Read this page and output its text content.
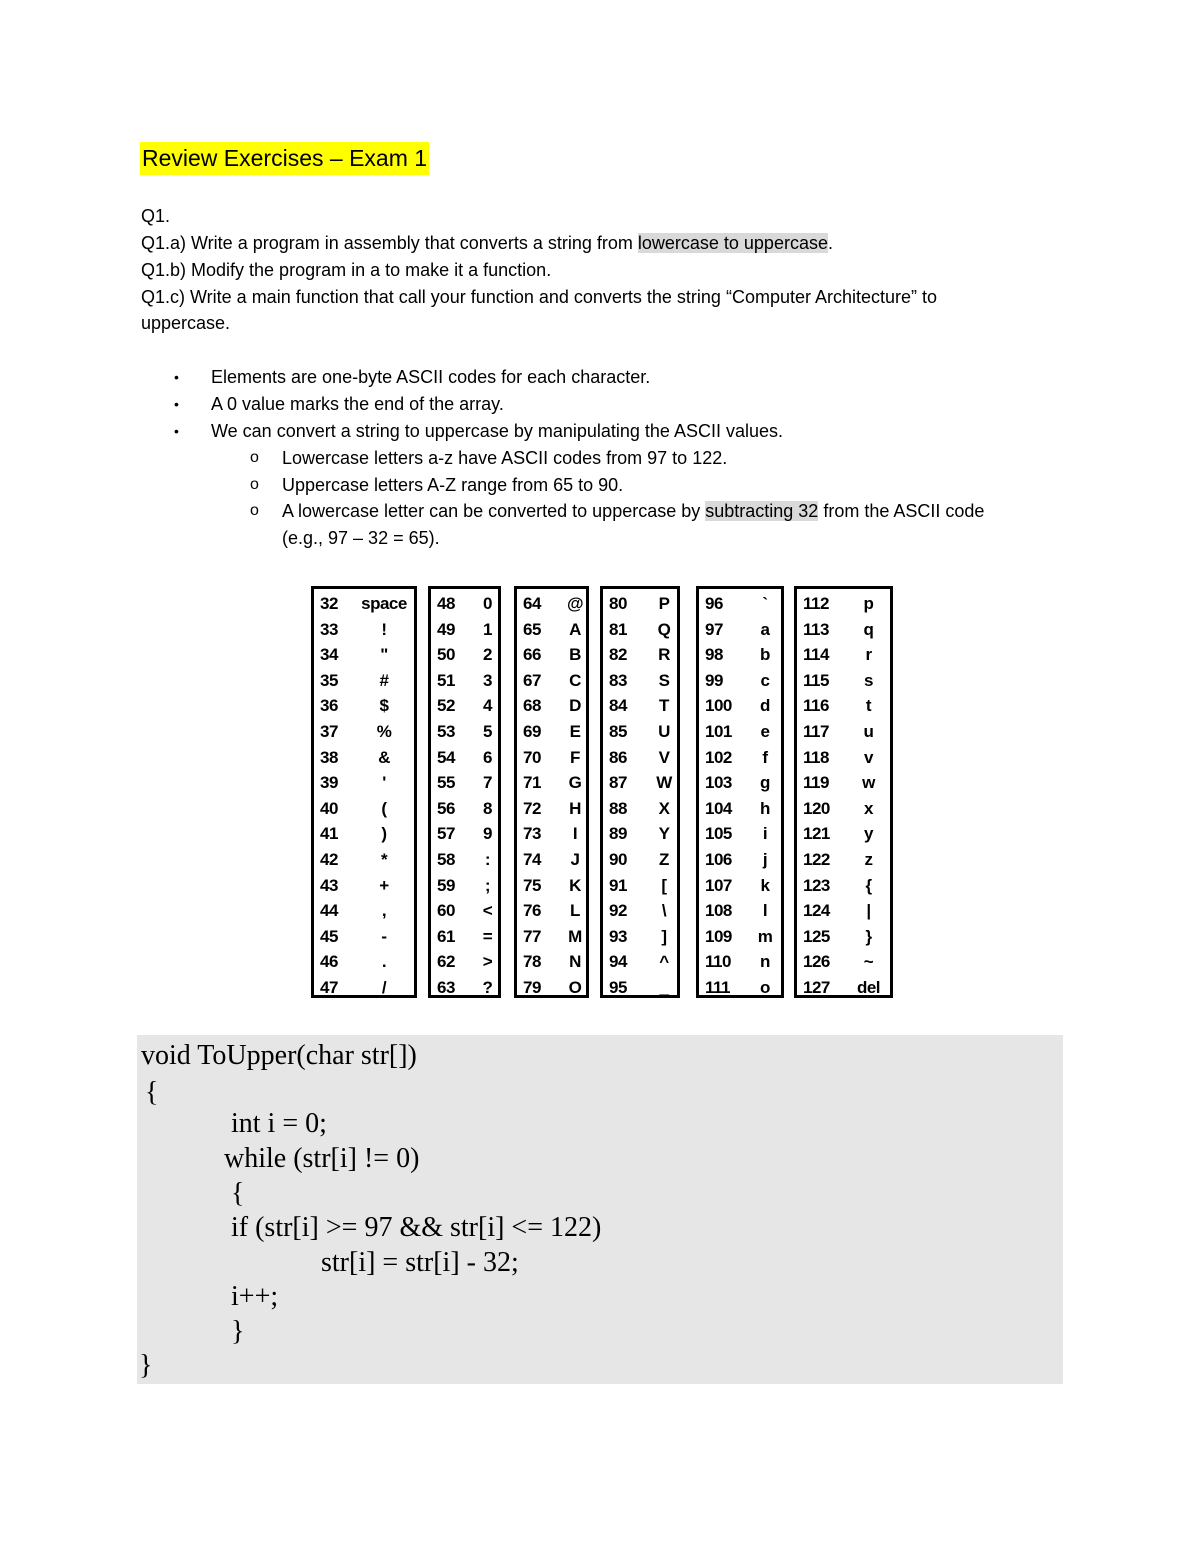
Review Exercises – Exam 1
Q1.
Q1.a) Write a program in assembly that converts a string from lowercase to uppercase.
Q1.b) Modify the program in a to make it a function.
Q1.c) Write a main function that call your function and converts the string “Computer Architecture” to
uppercase.
• Elements are one-byte ASCII codes for each character.
• A 0 value marks the end of the array.
• We can convert a string to uppercase by manipulating the ASCII values.
o Lowercase letters a-z have ASCII codes from 97 to 122.
o Uppercase letters A-Z range from 65 to 90.
o A lowercase letter can be converted to uppercase by subtracting 32 from the ASCII code
(e.g., 97 – 32 = 65).
32	space
33	!
34	"
35	#
36	$
37	%
38	&
39	'
40	(
41	)
42	*
43	+
44	,
45	-
46	.
47	/
48	0
49	1
50	2
51	3
52	4
53	5
54	6
55	7
56	8
57	9
58	:
59	;
60	<
61	=
62	>
63	?
64 @
65	A
66	B
67	C
68	D
69	E
70	F
71 G
72	H
73	I
74	J
75	K
76	L
77 M
78	N
79 O
80	P
81	Q
82	R
83	S
84	T
85	U
86	V
87	W
88	X
89	Y
90	Z
91	[
92	\
93	]
94	^
95	_
96	`
97	a
98	b
99	c
100	d
101	e
102	f
103	g
104	h
105	i
106	j
107	k
108	l
109	m
110	n
111	o
112	p
113	q
114	r
115	s
116	t
117	u
118	v
119	w
120	x
121	y
122	z
123	{
124	|
125	}
126	~
127	del
void ToUpper(char str[])
{
int i = 0;
while (str[i] != 0)
{
if (str[i] >= 97 && str[i] <= 122)
str[i] = str[i] - 32;
i++;
}
}
